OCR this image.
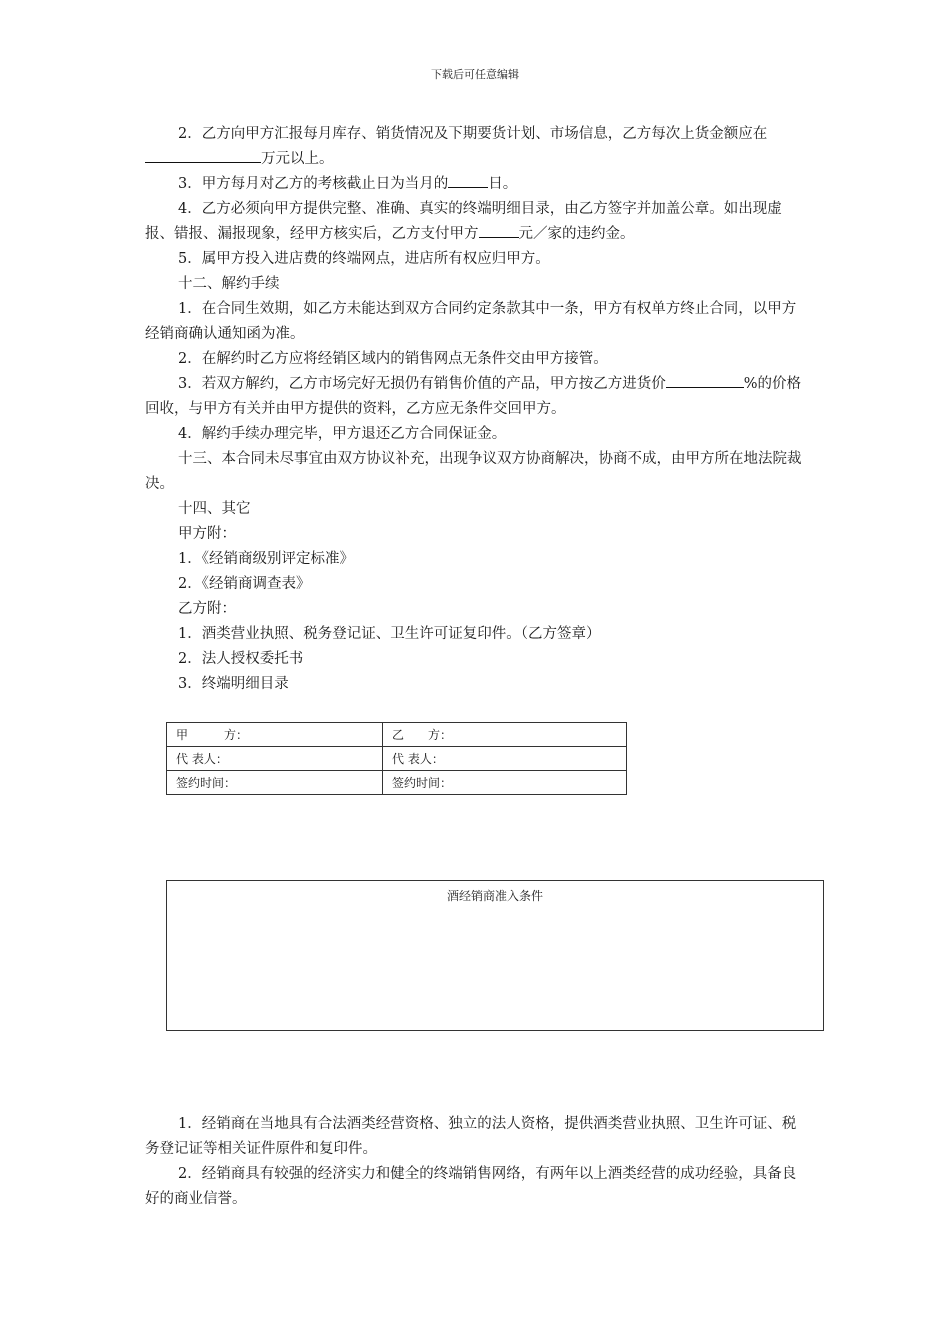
下载后可任意编辑

2．乙方向甲方汇报每月库存、销货情况及下期要货计划、市场信息，乙方每次上货金额应在万元以上。

3．甲方每月对乙方的考核截止日为当月的	日。

4．乙方必须向甲方提供完整、准确、真实的终端明细目录，由乙方签字并加盖公章。如出现虚报、错报、漏报现象，经甲方核实后，乙方支付甲方	元／家的违约金。

5．属甲方投入进店费的终端网点，进店所有权应归甲方。

十二、解约手续

1．在合同生效期，如乙方未能达到双方合同约定条款其中一条，甲方有权单方终止合同，以甲方经销商确认通知函为准。

2．在解约时乙方应将经销区域内的销售网点无条件交由甲方接管。

3．若双方解约，乙方市场完好无损仍有销售价值的产品，甲方按乙方进货价	%的价格回收，与甲方有关并由甲方提供的资料，乙方应无条件交回甲方。

4．解约手续办理完毕，甲方退还乙方合同保证金。

十三、本合同未尽事宜由双方协议补充，出现争议双方协商解决，协商不成，由甲方所在地法院裁决。

十四、其它

甲方附：

1．《经销商级别评定标准》

2．《经销商调查表》

乙方附：

1．酒类营业执照、税务登记证、卫生许可证复印件。（乙方签章）

2．法人授权委托书

3．终端明细目录

甲　　　方：	乙　　方：
代 表人：	代 表人：
签约时间：	签约时间：
酒经销商准入条件

1．经销商在当地具有合法酒类经营资格、独立的法人资格，提供酒类营业执照、卫生许可证、税务登记证等相关证件原件和复印件。

2．经销商具有较强的经济实力和健全的终端销售网络，有两年以上酒类经营的成功经验，具备良好的商业信誉。
